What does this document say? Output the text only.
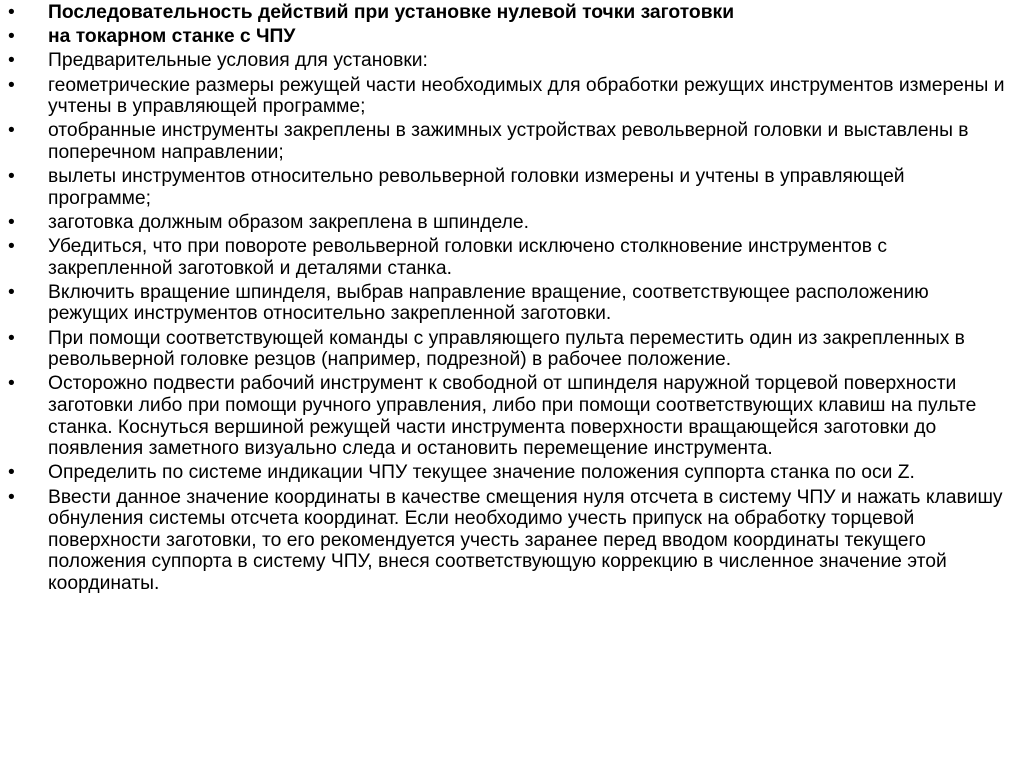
•	Последовательность действий при установке нулевой точки заготовки
•	на токарном станке с ЧПУ
•	Предварительные условия для установки:
•	геометрические размеры режущей части необходимых для обработки режущих инструментов измерены и учтены в управляющей программе;
•	отобранные инструменты закреплены в зажимных устройствах револьверной головки и выставлены в поперечном направлении;
•	вылеты инструментов относительно револьверной головки измерены и учтены в управляющей программе;
•	заготовка должным образом закреплена в шпинделе.
•	Убедиться, что при повороте револьверной головки исключено столкновение инструментов с закрепленной заготовкой и деталями станка.
•	Включить вращение шпинделя, выбрав направление вращение, соответствующее расположению режущих инструментов относительно закрепленной заготовки.
•	При помощи соответствующей команды с управляющего пульта переместить один из закрепленных в револьверной головке резцов (например, подрезной) в рабочее положение.
•	Осторожно подвести рабочий инструмент к свободной от шпинделя наружной торцевой поверхности заготовки либо при помощи ручного управления, либо при помощи соответствующих клавиш на пульте станка. Коснуться вершиной режущей части инструмента поверхности вращающейся заготовки до появления заметного визуально следа и остановить перемещение инструмента.
•	Определить по системе индикации ЧПУ текущее значение положения суппорта станка по оси Z.
•	Ввести данное значение координаты в качестве смещения нуля отсчета в систему ЧПУ и нажать клавишу обнуления системы отсчета координат. Если необходимо учесть припуск на обработку торцевой поверхности заготовки, то его рекомендуется учесть заранее перед вводом координаты текущего положения суппорта в систему ЧПУ, внеся соответствующую коррекцию в численное значение этой координаты.
